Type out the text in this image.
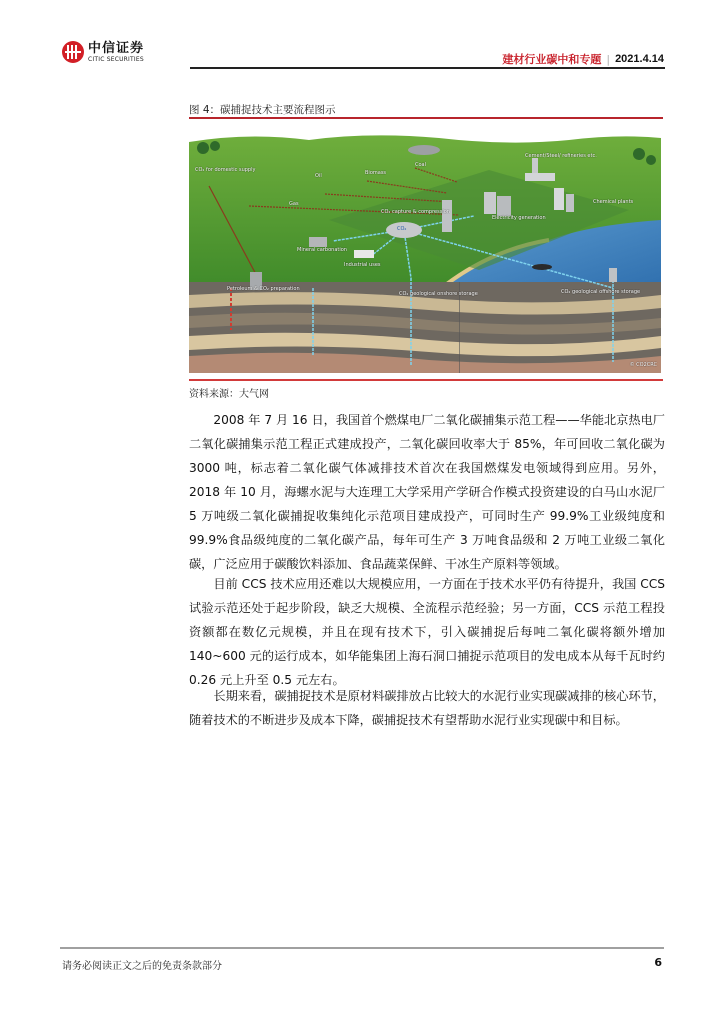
中信证券
CITIC SECURITIES	建材行业碳中和专题 | 2021.4.14
图 4：碳捕捉技术主要流程图示
CO₂ for domestic supply
Oil
Gas
Biomass
Coal
Cement/Steel/ refineries etc.
Electricity generation
Chemical plants
CO₂ capture & compression
CO₂
Mineral carbonation
Industrial uses
Petroleum & CO₂ preparation
CO₂ geological onshore storage	CO₂ geological offshore storage
© CO2CRC
资料来源：大气网

2008 年 7 月 16 日，我国首个燃煤电厂二氧化碳捕集示范工程——华能北京热电厂二氧化碳捕集示范工程正式建成投产，二氧化碳回收率大于 85%，年可回收二氧化碳为 3000 吨，标志着二氧化碳气体减排技术首次在我国燃煤发电领域得到应用。另外，2018 年 10 月，海螺水泥与大连理工大学采用产学研合作模式投资建设的白马山水泥厂 5 万吨级二氧化碳捕捉收集纯化示范项目建成投产，可同时生产 99.9%工业级纯度和 99.9%食品级纯度的二氧化碳产品，每年可生产 3 万吨食品级和 2 万吨工业级二氧化碳，广泛应用于碳酸饮料添加、食品蔬菜保鲜、干冰生产原料等领域。

目前 CCS 技术应用还难以大规模应用，一方面在于技术水平仍有待提升，我国 CCS 试验示范还处于起步阶段，缺乏大规模、全流程示范经验；另一方面，CCS 示范工程投资额都在数亿元规模，并且在现有技术下，引入碳捕捉后每吨二氧化碳将额外增加 140~600 元的运行成本，如华能集团上海石洞口捕捉示范项目的发电成本从每千瓦时约 0.26 元上升至 0.5 元左右。

长期来看，碳捕捉技术是原材料碳排放占比较大的水泥行业实现碳减排的核心环节，随着技术的不断进步及成本下降，碳捕捉技术有望帮助水泥行业实现碳中和目标。

请务必阅读正文之后的免责条款部分	6
